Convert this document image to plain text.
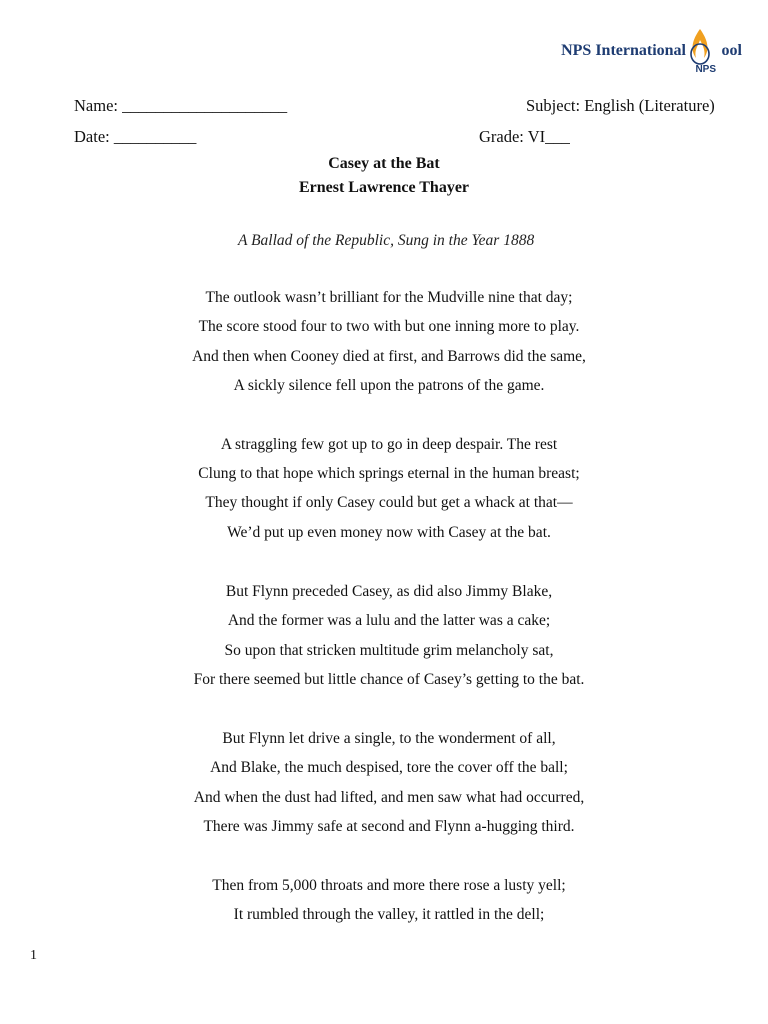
NPS International
NPS
ool
Name: ____________________	Subject: English (Literature)
Date: __________	Grade: VI___
Casey at the Bat
Ernest Lawrence Thayer
A Ballad of the Republic, Sung in the Year 1888
The outlook wasn’t brilliant for the Mudville nine that day;
The score stood four to two with but one inning more to play.
And then when Cooney died at first, and Barrows did the same,
A sickly silence fell upon the patrons of the game.
A straggling few got up to go in deep despair. The rest
Clung to that hope which springs eternal in the human breast;
They thought if only Casey could but get a whack at that—
We’d put up even money now with Casey at the bat.
But Flynn preceded Casey, as did also Jimmy Blake,
And the former was a lulu and the latter was a cake;
So upon that stricken multitude grim melancholy sat,
For there seemed but little chance of Casey’s getting to the bat.
But Flynn let drive a single, to the wonderment of all,
And Blake, the much despised, tore the cover off the ball;
And when the dust had lifted, and men saw what had occurred,
There was Jimmy safe at second and Flynn a-hugging third.
Then from 5,000 throats and more there rose a lusty yell;
It rumbled through the valley, it rattled in the dell;
1
